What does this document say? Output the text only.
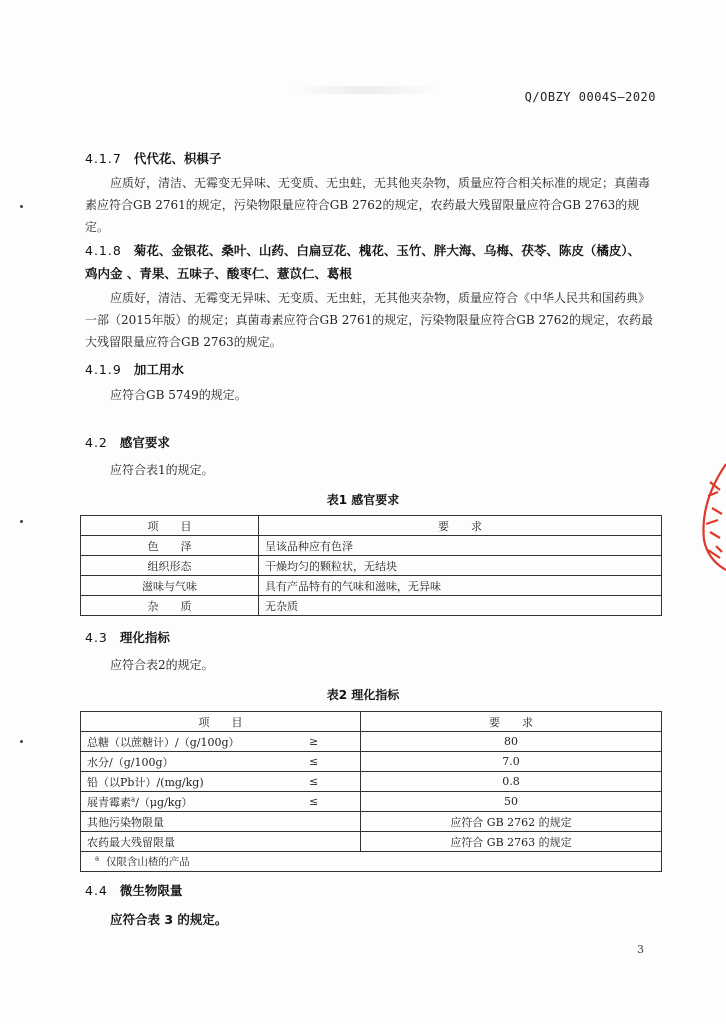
Q/OBZY 0004S—2020
4.1.7 代代花、枳椇子
应质好，清洁、无霉变无异味、无变质、无虫蛀，无其他夹杂物，质量应符合相关标准的规定；真菌毒素应符合GB 2761的规定，污染物限量应符合GB 2762的规定，农药最大残留限量应符合GB 2763的规定。
4.1.8 菊花、金银花、桑叶、山药、白扁豆花、槐花、玉竹、胖大海、乌梅、茯苓、陈皮（橘皮）、
鸡内金 、青果、五味子、酸枣仁、薏苡仁、葛根
应质好，清洁、无霉变无异味、无变质、无虫蛀，无其他夹杂物，质量应符合《中华人民共和国药典》一部（2015年版）的规定；真菌毒素应符合GB 2761的规定，污染物限量应符合GB 2762的规定，农药最大残留限量应符合GB 2763的规定。
4.1.9 加工用水
应符合GB 5749的规定。
4.2 感官要求
应符合表1的规定。
表1 感官要求
项　　目	要　　求
色　　泽	呈该品种应有色泽
组织形态	干燥均匀的颗粒状，无结块
滋味与气味	具有产品特有的气味和滋味，无异味
杂　　质	无杂质
4.3 理化指标
应符合表2的规定。
表2 理化指标
项　　目		要　　求
总糖（以蔗糖计）/（g/100g）	≥	80
水分/（g/100g）	≤	7.0
铅（以Pb计）/(mg/kg)	≤	0.8
展青霉素$^a$/（μg/kg）	≤	50
其他污染物限量		应符合 GB 2762 的规定
农药最大残留限量		应符合 GB 2763 的规定
$^a$ 仅限含山楂的产品		
4.4 微生物限量
应符合表 3 的规定。
3
